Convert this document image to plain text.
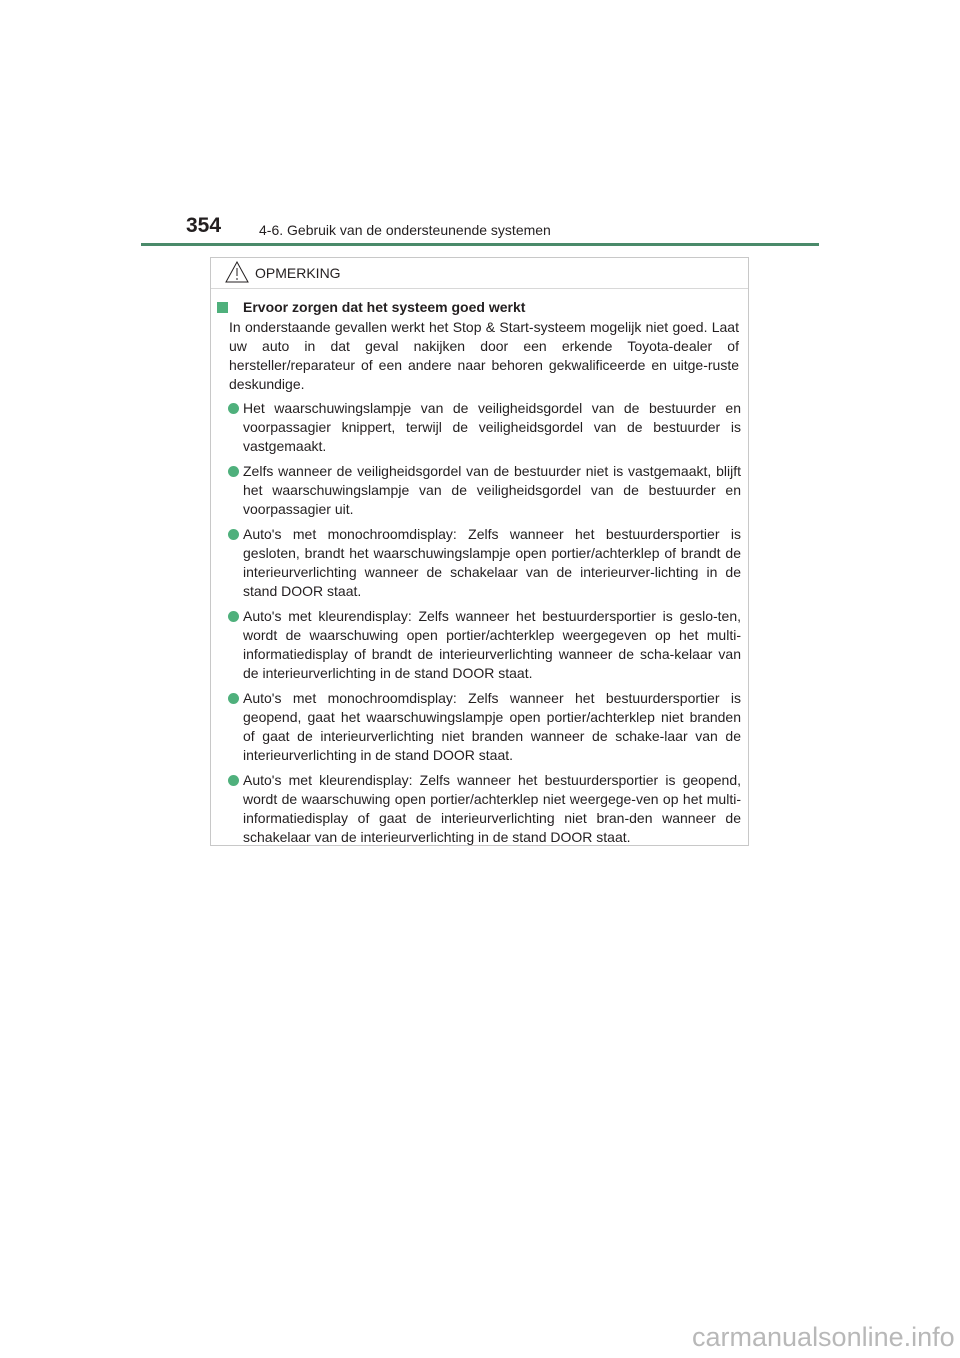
354	4-6. Gebruik van de ondersteunende systemen
OPMERKING
Ervoor zorgen dat het systeem goed werkt
In onderstaande gevallen werkt het Stop & Start-systeem mogelijk niet goed. Laat uw auto in dat geval nakijken door een erkende Toyota-dealer of hersteller/reparateur of een andere naar behoren gekwalificeerde en uitge-ruste deskundige.
Het waarschuwingslampje van de veiligheidsgordel van de bestuurder en voorpassagier knippert, terwijl de veiligheidsgordel van de bestuurder is vastgemaakt.
Zelfs wanneer de veiligheidsgordel van de bestuurder niet is vastgemaakt, blijft het waarschuwingslampje van de veiligheidsgordel van de bestuurder en voorpassagier uit.
Auto's met monochroomdisplay: Zelfs wanneer het bestuurdersportier is gesloten, brandt het waarschuwingslampje open portier/achterklep of brandt de interieurverlichting wanneer de schakelaar van de interieurver-lichting in de stand DOOR staat.
Auto's met kleurendisplay: Zelfs wanneer het bestuurdersportier is geslo-ten, wordt de waarschuwing open portier/achterklep weergegeven op het multi-informatiedisplay of brandt de interieurverlichting wanneer de scha-kelaar van de interieurverlichting in de stand DOOR staat.
Auto's met monochroomdisplay: Zelfs wanneer het bestuurdersportier is geopend, gaat het waarschuwingslampje open portier/achterklep niet branden of gaat de interieurverlichting niet branden wanneer de schake-laar van de interieurverlichting in de stand DOOR staat.
Auto's met kleurendisplay: Zelfs wanneer het bestuurdersportier is geopend, wordt de waarschuwing open portier/achterklep niet weergege-ven op het multi-informatiedisplay of gaat de interieurverlichting niet bran-den wanneer de schakelaar van de interieurverlichting in de stand DOOR staat.
carmanualsonline.info
